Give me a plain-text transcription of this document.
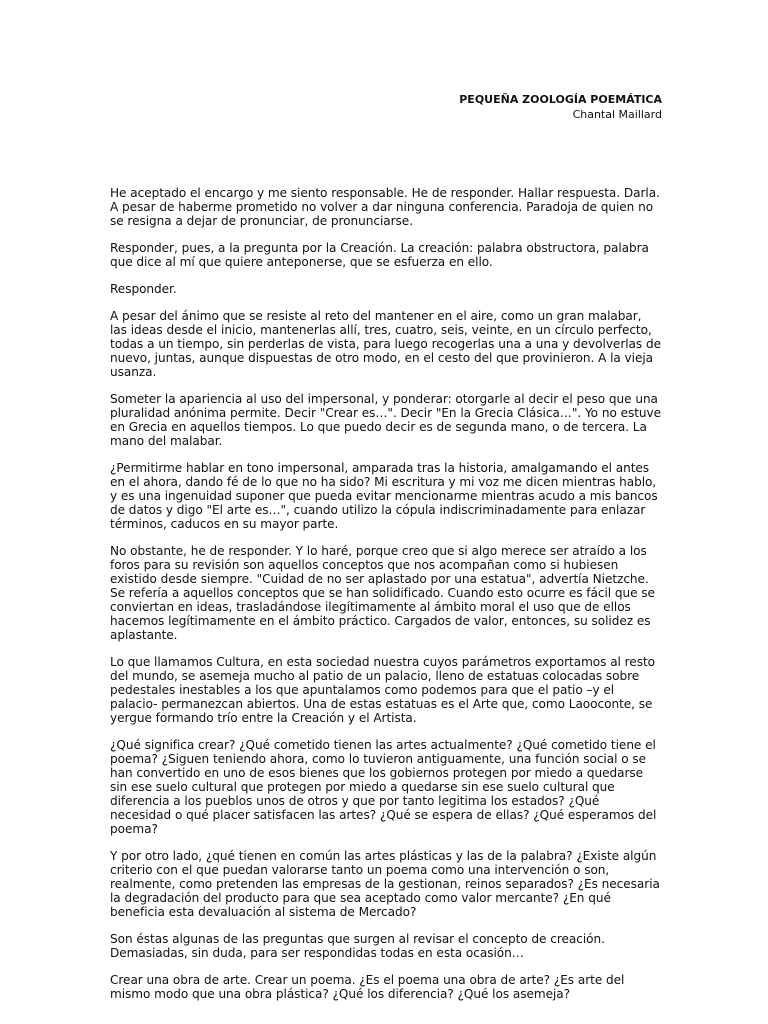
PEQUEÑA ZOOLOGÍA POEMÁTICA
Chantal Maillard

He aceptado el encargo y me siento responsable. He de responder. Hallar respuesta. Darla. A pesar de haberme prometido no volver a dar ninguna conferencia. Paradoja de quien no se resigna a dejar de pronunciar, de pronunciarse.

Responder, pues, a la pregunta por la Creación. La creación: palabra obstructora, palabra que dice al mí que quiere anteponerse, que se esfuerza en ello.

Responder.

A pesar del ánimo que se resiste al reto del mantener en el aire, como un gran malabar, las ideas desde el inicio, mantenerlas allí, tres, cuatro, seis, veinte, en un círculo perfecto, todas a un tiempo, sin perderlas de vista, para luego recogerlas una a una y devolverlas de nuevo, juntas, aunque dispuestas de otro modo, en el cesto del que provinieron. A la vieja usanza.

Someter la apariencia al uso del impersonal, y ponderar: otorgarle al decir el peso que una pluralidad anónima permite. Decir "Crear es…". Decir "En la Grecia Clásica…". Yo no estuve en Grecia en aquellos tiempos. Lo que puedo decir es de segunda mano, o de tercera. La mano del malabar.

¿Permitirme hablar en tono impersonal, amparada tras la historia, amalgamando el antes en el ahora, dando fé de lo que no ha sido? Mi escritura y mi voz me dicen mientras hablo, y es una ingenuidad suponer que pueda evitar mencionarme mientras acudo a mis bancos de datos y digo "El arte es…", cuando utilizo la cópula indiscriminadamente para enlazar términos, caducos en su mayor parte.

No obstante, he de responder. Y lo haré, porque creo que si algo merece ser atraído a los foros para su revisión son aquellos conceptos que nos acompañan como si hubiesen existido desde siempre. "Cuidad de no ser aplastado por una estatua", advertía Nietzche. Se refería a aquellos conceptos que se han solidificado. Cuando esto ocurre es fácil que se conviertan en ideas, trasladándose ilegítimamente al ámbito moral el uso que de ellos hacemos legítimamente en el ámbito práctico. Cargados de valor, entonces, su solidez es aplastante.

Lo que llamamos Cultura, en esta sociedad nuestra cuyos parámetros exportamos al resto del mundo, se asemeja mucho al patio de un palacio, lleno de estatuas colocadas sobre pedestales inestables a los que apuntalamos como podemos para que el patio –y el palacio- permanezcan abiertos. Una de estas estatuas es el Arte que, como Laooconte, se yergue formando trío entre la Creación y el Artista.

¿Qué significa crear? ¿Qué cometido tienen las artes actualmente? ¿Qué cometido tiene el poema? ¿Siguen teniendo ahora, como lo tuvieron antiguamente, una función social o se han convertido en uno de esos bienes que los gobiernos protegen por miedo a quedarse sin ese suelo cultural que protegen por miedo a quedarse sin ese suelo cultural que diferencia a los pueblos unos de otros y que por tanto legitima los estados? ¿Qué necesidad o qué placer satisfacen las artes? ¿Qué se espera de ellas? ¿Qué esperamos del poema?

Y por otro lado, ¿qué tienen en común las artes plásticas y las de la palabra? ¿Existe algún criterio con el que puedan valorarse tanto un poema como una intervención o son, realmente, como pretenden las empresas de la gestionan, reinos separados? ¿Es necesaria la degradación del producto para que sea aceptado como valor mercante? ¿En qué beneficia esta devaluación al sistema de Mercado?

Son éstas algunas de las preguntas que surgen al revisar el concepto de creación. Demasiadas, sin duda, para ser respondidas todas en esta ocasión…

Crear una obra de arte. Crear un poema. ¿Es el poema una obra de arte? ¿Es arte del mismo modo que una obra plástica? ¿Qué los diferencia? ¿Qué los asemeja?
